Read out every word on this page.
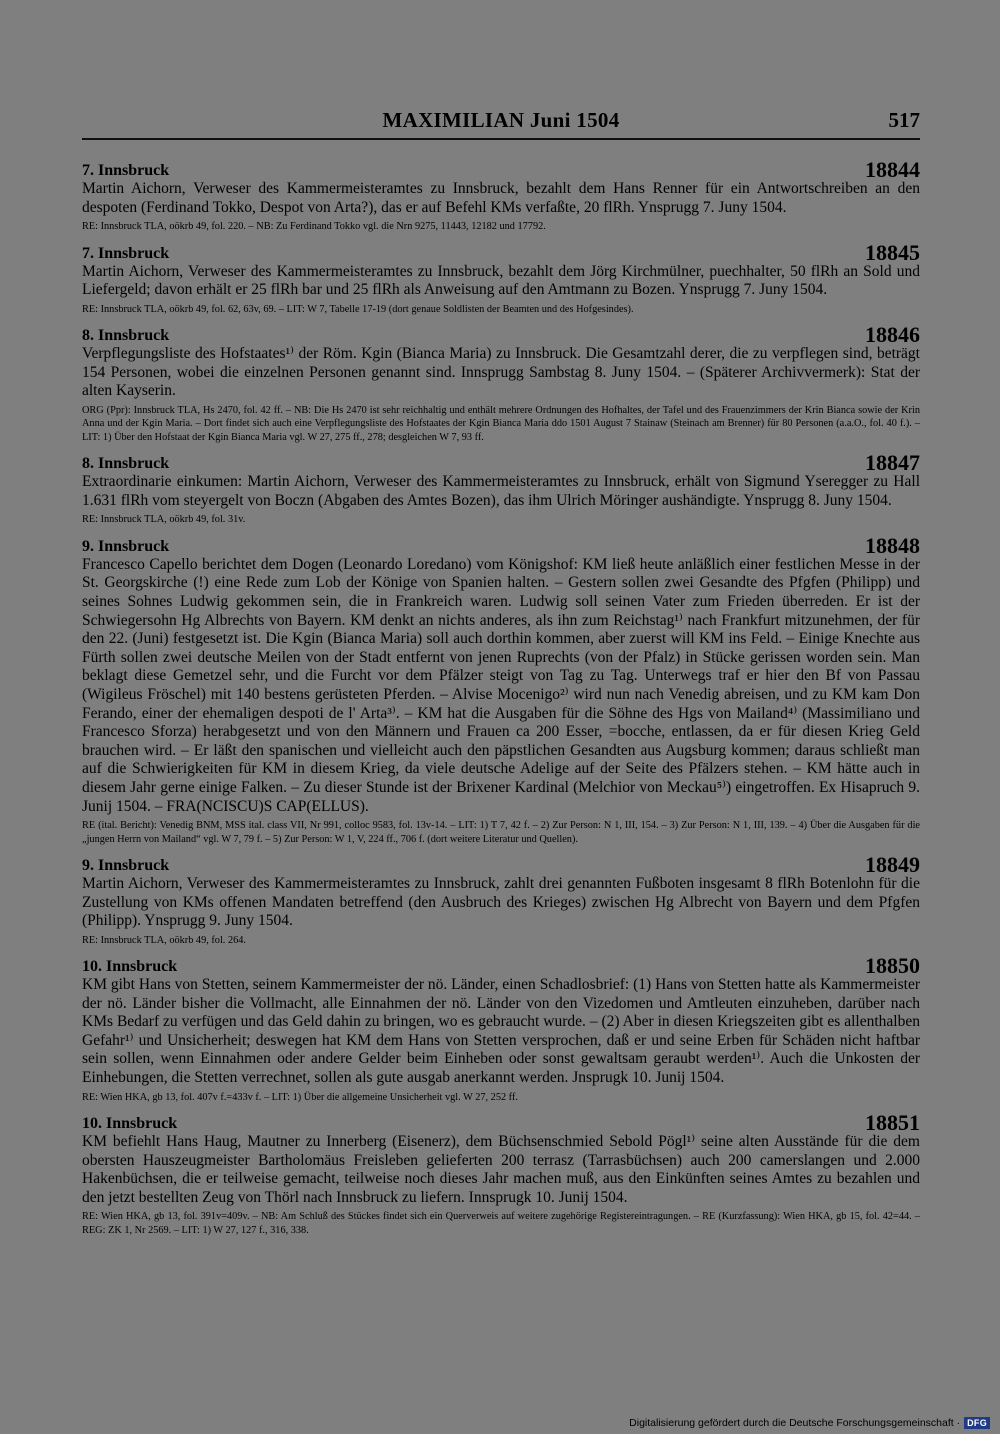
MAXIMILIAN Juni 1504	517
7. Innsbruck	18844
Martin Aichorn, Verweser des Kammermeisteramtes zu Innsbruck, bezahlt dem Hans Renner für ein Antwortschreiben an den despoten (Ferdinand Tokko, Despot von Arta?), das er auf Befehl KMs verfaßte, 20 flRh. Ynsprugg 7. Juny 1504.
RE: Innsbruck TLA, oökrb 49, fol. 220. – NB: Zu Ferdinand Tokko vgl. die Nrn 9275, 11443, 12182 und 17792.
7. Innsbruck	18845
Martin Aichorn, Verweser des Kammermeisteramtes zu Innsbruck, bezahlt dem Jörg Kirchmülner, puechhalter, 50 flRh an Sold und Liefergeld; davon erhält er 25 flRh bar und 25 flRh als Anweisung auf den Amtmann zu Bozen. Ynsprugg 7. Juny 1504.
RE: Innsbruck TLA, oökrb 49, fol. 62, 63v, 69. – LIT: W 7, Tabelle 17-19 (dort genaue Soldlisten der Beamten und des Hofgesindes).
8. Innsbruck	18846
Verpflegungsliste des Hofstaates¹⁾ der Röm. Kgin (Bianca Maria) zu Innsbruck. Die Gesamtzahl derer, die zu verpflegen sind, beträgt 154 Personen, wobei die einzelnen Personen genannt sind. Innsprugg Sambstag 8. Juny 1504. – (Späterer Archivvermerk): Stat der alten Kayserin.
ORG (Ppr): Innsbruck TLA, Hs 2470, fol. 42 ff. – NB: Die Hs 2470 ist sehr reichhaltig und enthält mehrere Ordnungen des Hofhaltes, der Tafel und des Frauenzimmers der Krin Bianca sowie der Krin Anna und der Kgin Maria. – Dort findet sich auch eine Verpflegungsliste des Hofstaates der Kgin Bianca Maria ddo 1501 August 7 Stainaw (Steinach am Brenner) für 80 Personen (a.a.O., fol. 40 f.). – LIT: 1) Über den Hofstaat der Kgin Bianca Maria vgl. W 27, 275 ff., 278; desgleichen W 7, 93 ff.
8. Innsbruck	18847
Extraordinarie einkumen: Martin Aichorn, Verweser des Kammermeisteramtes zu Innsbruck, erhält von Sigmund Yseregger zu Hall 1.631 flRh vom steyergelt von Boczn (Abgaben des Amtes Bozen), das ihm Ulrich Möringer aushändigte. Ynsprugg 8. Juny 1504.
RE: Innsbruck TLA, oökrb 49, fol. 31v.
9. Innsbruck	18848
Francesco Capello berichtet dem Dogen (Leonardo Loredano) vom Königshof: KM ließ heute anläßlich einer festlichen Messe in der St. Georgskirche (!) eine Rede zum Lob der Könige von Spanien halten. – Gestern sollen zwei Gesandte des Pfgfen (Philipp) und seines Sohnes Ludwig gekommen sein, die in Frankreich waren. Ludwig soll seinen Vater zum Frieden überreden. Er ist der Schwiegersohn Hg Albrechts von Bayern. KM denkt an nichts anderes, als ihn zum Reichstag¹⁾ nach Frankfurt mitzunehmen, der für den 22. (Juni) festgesetzt ist. Die Kgin (Bianca Maria) soll auch dorthin kommen, aber zuerst will KM ins Feld. – Einige Knechte aus Fürth sollen zwei deutsche Meilen von der Stadt entfernt von jenen Ruprechts (von der Pfalz) in Stücke gerissen worden sein. Man beklagt diese Gemetzel sehr, und die Furcht vor dem Pfälzer steigt von Tag zu Tag. Unterwegs traf er hier den Bf von Passau (Wigileus Fröschel) mit 140 bestens gerüsteten Pferden. – Alvise Mocenigo²⁾ wird nun nach Venedig abreisen, und zu KM kam Don Ferando, einer der ehemaligen despoti de l' Arta³⁾. – KM hat die Ausgaben für die Söhne des Hgs von Mailand⁴⁾ (Massimiliano und Francesco Sforza) herabgesetzt und von den Männern und Frauen ca 200 Esser, =bocche, entlassen, da er für diesen Krieg Geld brauchen wird. – Er läßt den spanischen und vielleicht auch den päpstlichen Gesandten aus Augsburg kommen; daraus schließt man auf die Schwierigkeiten für KM in diesem Krieg, da viele deutsche Adelige auf der Seite des Pfälzers stehen. – KM hätte auch in diesem Jahr gerne einige Falken. – Zu dieser Stunde ist der Brixener Kardinal (Melchior von Meckau⁵⁾) eingetroffen. Ex Hisapruch 9. Junij 1504. – FRA(NCISCU)S CAP(ELLUS).
RE (ital. Bericht): Venedig BNM, MSS ital. class VII, Nr 991, colloc 9583, fol. 13v-14. – LIT: 1) T 7, 42 f. – 2) Zur Person: N 1, III, 154. – 3) Zur Person: N 1, III, 139. – 4) Über die Ausgaben für die „jungen Herrn von Mailand“ vgl. W 7, 79 f. – 5) Zur Person: W 1, V, 224 ff., 706 f. (dort weitere Literatur und Quellen).
9. Innsbruck	18849
Martin Aichorn, Verweser des Kammermeisteramtes zu Innsbruck, zahlt drei genannten Fußboten insgesamt 8 flRh Botenlohn für die Zustellung von KMs offenen Mandaten betreffend (den Ausbruch des Krieges) zwischen Hg Albrecht von Bayern und dem Pfgfen (Philipp). Ynsprugg 9. Juny 1504.
RE: Innsbruck TLA, oökrb 49, fol. 264.
10. Innsbruck	18850
KM gibt Hans von Stetten, seinem Kammermeister der nö. Länder, einen Schadlosbrief: (1) Hans von Stetten hatte als Kammermeister der nö. Länder bisher die Vollmacht, alle Einnahmen der nö. Länder von den Vizedomen und Amtleuten einzuheben, darüber nach KMs Bedarf zu verfügen und das Geld dahin zu bringen, wo es gebraucht wurde. – (2) Aber in diesen Kriegszeiten gibt es allenthalben Gefahr¹⁾ und Unsicherheit; deswegen hat KM dem Hans von Stetten versprochen, daß er und seine Erben für Schäden nicht haftbar sein sollen, wenn Einnahmen oder andere Gelder beim Einheben oder sonst gewaltsam geraubt werden¹⁾. Auch die Unkosten der Einhebungen, die Stetten verrechnet, sollen als gute ausgab anerkannt werden. Jnsprugk 10. Junij 1504.
RE: Wien HKA, gb 13, fol. 407v f.=433v f. – LIT: 1) Über die allgemeine Unsicherheit vgl. W 27, 252 ff.
10. Innsbruck	18851
KM befiehlt Hans Haug, Mautner zu Innerberg (Eisenerz), dem Büchsenschmied Sebold Pögl¹⁾ seine alten Ausstände für die dem obersten Hauszeugmeister Bartholomäus Freisleben gelieferten 200 terrasz (Tarrasbüchsen) auch 200 camerslangen und 2.000 Hakenbüchsen, die er teilweise gemacht, teilweise noch dieses Jahr machen muß, aus den Einkünften seines Amtes zu bezahlen und den jetzt bestellten Zeug von Thörl nach Innsbruck zu liefern. Innsprugk 10. Junij 1504.
RE: Wien HKA, gb 13, fol. 391v=409v. – NB: Am Schluß des Stückes findet sich ein Querverweis auf weitere zugehörige Registereintragungen. – RE (Kurzfassung): Wien HKA, gb 15, fol. 42=44. – REG: ZK 1, Nr 2569. – LIT: 1) W 27, 127 f., 316, 338.
Digitalisierung gefördert durch die Deutsche Forschungsgemeinschaft · DFG
